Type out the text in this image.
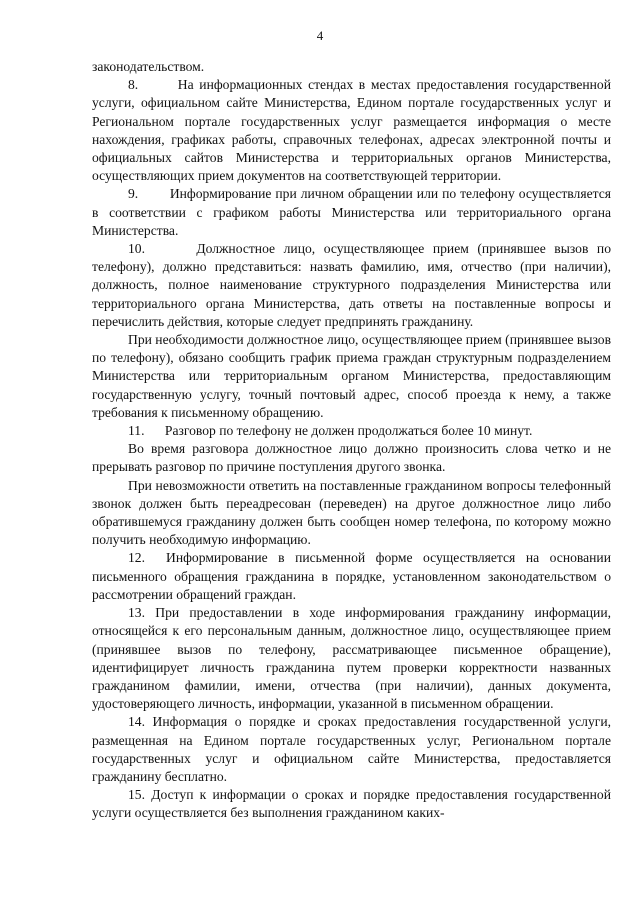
4

законодательством.

8.       На информационных стендах в местах предоставления государственной услуги, официальном сайте Министерства, Едином портале государственных услуг и Региональном портале государственных услуг размещается информация о месте нахождения, графиках работы, справочных телефонах, адресах электронной почты и официальных сайтов Министерства и территориальных органов Министерства, осуществляющих прием документов на соответствующей территории.

9.        Информирование при личном обращении или по телефону осуществляется в соответствии с графиком работы Министерства или территориального органа Министерства.

10.      Должностное лицо, осуществляющее прием (принявшее вызов по телефону), должно представиться: назвать фамилию, имя, отчество (при наличии), должность, полное наименование структурного подразделения Министерства или территориального органа Министерства, дать ответы на поставленные вопросы и перечислить действия, которые следует предпринять гражданину.

При необходимости должностное лицо, осуществляющее прием (принявшее вызов по телефону), обязано сообщить график приема граждан структурным подразделением Министерства или территориальным органом Министерства, предоставляющим государственную услугу, точный почтовый адрес, способ проезда к нему, а также требования к письменному обращению.

11.      Разговор по телефону не должен продолжаться более 10 минут.

Во время разговора должностное лицо должно произносить слова четко и не прерывать разговор по причине поступления другого звонка.

При невозможности ответить на поставленные гражданином вопросы телефонный звонок должен быть переадресован (переведен) на другое должностное лицо либо обратившемуся гражданину должен быть сообщен номер телефона, по которому можно получить необходимую информацию.

12.  Информирование в письменной форме осуществляется на основании письменного обращения гражданина в порядке, установленном законодательством о рассмотрении обращений граждан.

13. При предоставлении в ходе информирования гражданину информации, относящейся к его персональным данным, должностное лицо, осуществляющее прием (принявшее вызов по телефону, рассматривающее письменное обращение), идентифицирует личность гражданина путем проверки корректности названных гражданином фамилии, имени, отчества (при наличии), данных документа, удостоверяющего личность, информации, указанной в письменном обращении.

14. Информация о порядке и сроках предоставления государственной услуги, размещенная на Едином портале государственных услуг, Региональном портале государственных услуг и официальном сайте Министерства, предоставляется гражданину бесплатно.

15. Доступ к информации о сроках и порядке предоставления государственной услуги осуществляется без выполнения гражданином каких-
